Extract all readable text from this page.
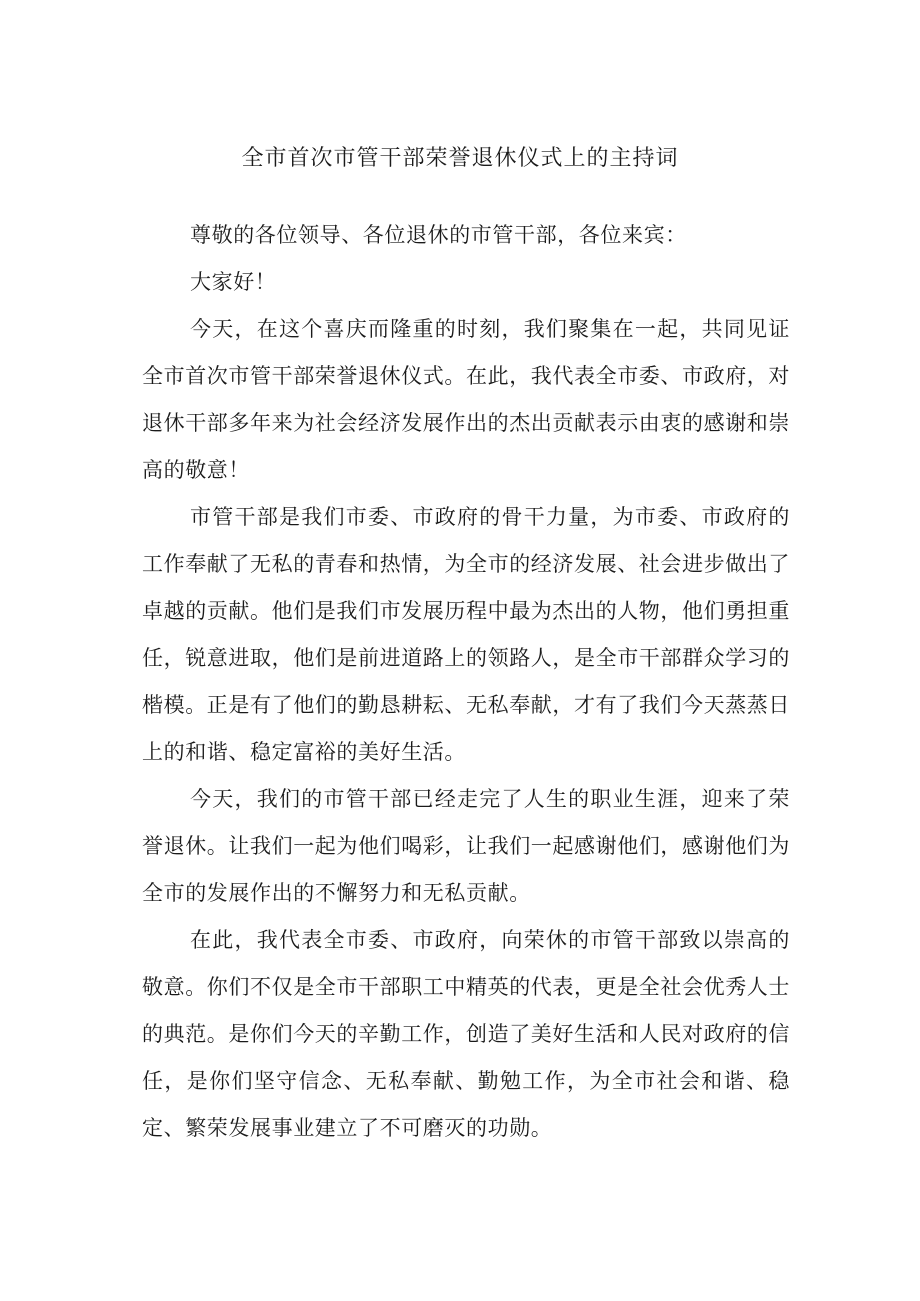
全市首次市管干部荣誉退休仪式上的主持词

尊敬的各位领导、各位退休的市管干部，各位来宾：

大家好！

今天，在这个喜庆而隆重的时刻，我们聚集在一起，共同见证全市首次市管干部荣誉退休仪式。在此，我代表全市委、市政府，对退休干部多年来为社会经济发展作出的杰出贡献表示由衷的感谢和崇高的敬意！

市管干部是我们市委、市政府的骨干力量，为市委、市政府的工作奉献了无私的青春和热情，为全市的经济发展、社会进步做出了卓越的贡献。他们是我们市发展历程中最为杰出的人物，他们勇担重任，锐意进取，他们是前进道路上的领路人，是全市干部群众学习的楷模。正是有了他们的勤恳耕耘、无私奉献，才有了我们今天蒸蒸日上的和谐、稳定富裕的美好生活。

今天，我们的市管干部已经走完了人生的职业生涯，迎来了荣誉退休。让我们一起为他们喝彩，让我们一起感谢他们，感谢他们为全市的发展作出的不懈努力和无私贡献。

在此，我代表全市委、市政府，向荣休的市管干部致以崇高的敬意。你们不仅是全市干部职工中精英的代表，更是全社会优秀人士的典范。是你们今天的辛勤工作，创造了美好生活和人民对政府的信任，是你们坚守信念、无私奉献、勤勉工作，为全市社会和谐、稳定、繁荣发展事业建立了不可磨灭的功勋。
